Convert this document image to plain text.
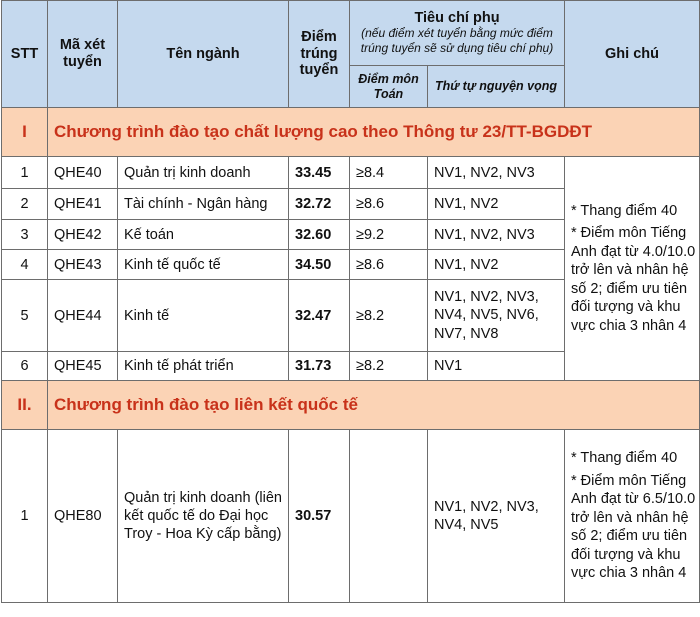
STT	Mã xét tuyển	Tên ngành	Điểm trúng tuyển	Tiêu chí phụ
(nếu điểm xét tuyển bằng mức điểm trúng tuyển sẽ sử dụng tiêu chí phụ)		Ghi chú
				Điểm môn Toán	Thứ tự nguyện vọng	
I	Chương trình đào tạo chất lượng cao theo Thông tư 23/TT-BGDĐT					
1	QHE40	Quản trị kinh doanh	33.45	≥8.4	NV1, NV2, NV3	* Thang điểm 40

* Điểm môn Tiếng Anh đạt từ 4.0/10.0 trở lên và nhân hệ số 2; điểm ưu tiên đối tượng và khu vực chia 3 nhân 4

2	QHE41	Tài chính - Ngân hàng	32.72	≥8.6	NV1, NV2	
3	QHE42	Kế toán	32.60	≥9.2	NV1, NV2, NV3	
4	QHE43	Kinh tế quốc tế	34.50	≥8.6	NV1, NV2	
5	QHE44	Kinh tế	32.47	≥8.2	NV1, NV2, NV3, NV4, NV5, NV6, NV7, NV8	
6	QHE45	Kinh tế phát triển	31.73	≥8.2	NV1	
II.	Chương trình đào tạo liên kết quốc tế					
1	QHE80	Quản trị kinh doanh (liên kết quốc tế do Đại học Troy - Hoa Kỳ cấp bằng)	30.57		NV1, NV2, NV3, NV4, NV5	* Thang điểm 40

* Điểm môn Tiếng Anh đạt từ 6.5/10.0 trở lên và nhân hệ số 2; điểm ưu tiên đối tượng và khu vực chia 3 nhân 4
